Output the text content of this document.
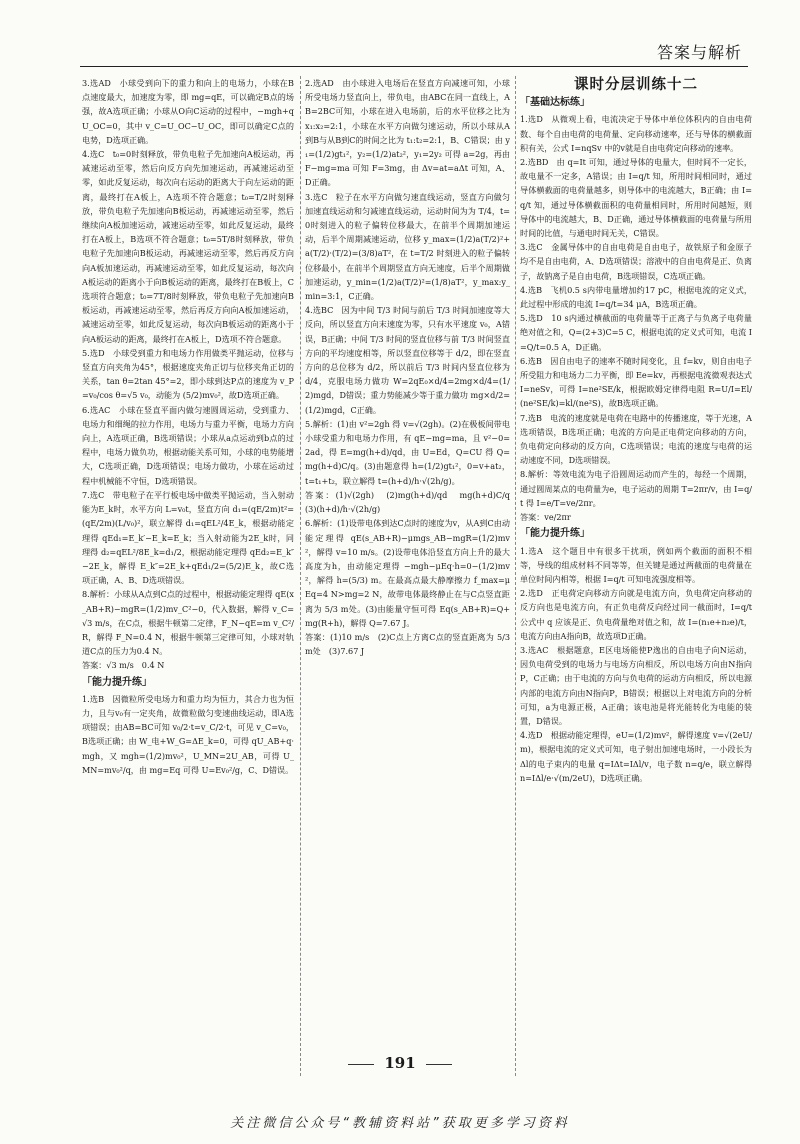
答案与解析
3.选AD　小球受到向下的重力和向上的电场力，小球在B点速度最大，加速度为零，即 mg=qE，可以确定B点的场强，故A选项正确；小球从O向C运动的过程中，−mgh+qU_OC=0，其中 v_C=U_OC−U_OC，即可以确定C点的电势，D选项正确。
4.选C　t₀=0时刻释放，带负电粒子先加速向A板运动，再减速运动至零，然后向反方向先加速运动，再减速运动至零，如此反复运动，每次向右运动的距离大于向左运动的距离，最终打在A板上，A选项不符合题意；t₀=T/2时刻释放，带负电粒子先加速向B板运动，再减速运动至零，然后继续向A板加速运动，减速运动至零，如此反复运动，最终打在A板上，B选项不符合题意；t₀=5T/8时刻释放，带负电粒子先加速向B板运动，再减速运动至零，然后再反方向向A板加速运动，再减速运动至零，如此反复运动，每次向A板运动的距离小于向B板运动的距离，最终打在B板上，C选项符合题意；t₀=7T/8时刻释放，带负电粒子先加速向B板运动，再减速运动至零，然后再反方向向A板加速运动，减速运动至零，如此反复运动，每次向B板运动的距离小于向A板运动的距离，最终打在A板上，D选项不符合题意。
5.选D　小球受到重力和电场力作用做类平抛运动，位移与竖直方向夹角为45°，根据速度夹角正切与位移夹角正切的关系，tan θ=2tan 45°=2，即小球到达P点的速度为 v_P=v₀/cos θ=√5 v₀，动能为 (5/2)mv₀²，故D选项正确。
6.选AC　小球在竖直平面内做匀速圆周运动，受到重力、电场力和细绳的拉力作用，电场力与重力平衡，电场力方向向上，A选项正确，B选项错误；小球从a点运动到b点的过程中，电场力做负功，根据动能关系可知，小球的电势能增大，C选项正确，D选项错误；电场力做功，小球在运动过程中机械能不守恒，D选项错误。
7.选C　带电粒子在平行板电场中做类平抛运动，当入射动能为E_k时，水平方向 L=v₀t，竖直方向 d₁=(qE/2m)t²=(qE/2m)(L/v₀)²，联立解得 d₁=qEL²/4E_k，根据动能定理得 qEd₁=E_k′−E_k=E_k；当入射动能为2E_k时，同理得 d₂=qEL²/8E_k=d₁/2，根据动能定理得 qEd₂=E_k″−2E_k，解得 E_k″=2E_k+qEd₁/2=(5/2)E_k，故C选项正确，A、B、D选项错误。
8.解析：小球从A点到C点的过程中，根据动能定理得 qE(x_AB+R)−mgR=(1/2)mv_C²−0，代入数据，解得 v_C=√3 m/s，在C点，根据牛顿第二定律，F_N−qE=m v_C²/R，解得 F_N=0.4 N，根据牛顿第三定律可知，小球对轨道C点的压力为0.4 N。
答案：√3 m/s　0.4 N
「能力提升练」
1.选B　因微粒所受电场力和重力均为恒力，其合力也为恒力，且与v₀有一定夹角，故微粒做匀变速曲线运动，即A选项错误；由AB=BC可知 v₀/2·t=v_C/2·t，可见 v_C=v₀，B选项正确；由 W_电+W_G=ΔE_k=0，可得 qU_AB+q·mgh，又 mgh=(1/2)mv₀²，U_MN=2U_AB，可得 U_MN=mv₀²/q，由 mg=Eq 可得 U=Ev₀²/g，C、D错误。
2.选AD　由小球进入电场后在竖直方向减速可知，小球所受电场力竖直向上，带负电，由ABC在同一直线上，AB=2BC可知，小球在进入电场前，后的水平位移之比为 x₁:x₂=2:1，小球在水平方向做匀速运动，所以小球从A到B与从B到C的时间之比为 t₁:t₂=2:1，B、C错误；由 y₁=(1/2)gt₁²，y₂=(1/2)at₂²，y₁=2y₂ 可得 a=2g，再由 F−mg=ma 可知 F=3mg，由 Δv=at=aΔt 可知，A、D正确。
3.选C　粒子在水平方向做匀速直线运动，竖直方向做匀加速直线运动和匀减速直线运动，运动时间为为 T/4，t=0时刻进入的粒子偏转位移最大，在前半个周期加速运动，后半个周期减速运动，位移 y_max=(1/2)a(T/2)²+a(T/2)·(T/2)=(3/8)aT²，在 t=T/2 时刻进入的粒子偏转位移最小，在前半个周期竖直方向无速度，后半个周期做加速运动，y_min=(1/2)a(T/2)²=(1/8)aT²，y_max:y_min=3:1，C正确。
4.选BC　因为中间 T/3 时间与前后 T/3 时间加速度等大反向，所以竖直方向末速度为零，只有水平速度 v₀，A错误，B正确；中间 T/3 时间的竖直位移与前 T/3 时间竖直方向的平均速度相等，所以竖直位移等于 d/2，即在竖直方向的总位移为 d/2，所以前后 T/3 时间内竖直位移为 d/4，克服电场力做功 W=2qE₀×d/4=2mg×d/4=(1/2)mgd，D错误；重力势能减少等于重力做功 mg×d/2=(1/2)mgd，C正确。
5.解析：(1)由 v²=2gh 得 v=√(2gh)。(2)在极板间带电小球受重力和电场力作用，有 qE−mg=ma，且 v²−0=2ad，得 E=mg(h+d)/qd，由 U=Ed，Q=CU 得 Q=mg(h+d)C/q。(3)由题意得 h=(1/2)gt₁²，0=v+at₂，t=t₁+t₂，联立解得 t=(h+d)/h·√(2h/g)。
答案：(1)√(2gh)　(2)mg(h+d)/qd　mg(h+d)C/q　(3)(h+d)/h·√(2h/g)
6.解析：(1)设带电体到达C点时的速度为v，从A到C由动能定理得 qE(s_AB+R)−μmgs_AB−mgR=(1/2)mv²，解得 v=10 m/s。(2)设带电体沿竖直方向上升的最大高度为h，由动能定理得 −mgh−μEq·h=0−(1/2)mv²，解得 h=(5/3) m。在最高点最大静摩擦力 f_max=μEq=4 N>mg=2 N，故带电体最终静止在与C点竖直距离为 5/3 m处。(3)由能量守恒可得 Eq(s_AB+R)=Q+mg(R+h)，解得 Q=7.67 J。
答案：(1)10 m/s　(2)C点上方离C点的竖直距离为 5/3 m处　(3)7.67 J
课时分层训练十二
「基础达标练」
1.选D　从微观上看，电流决定于导体中单位体积内的自由电荷数、每个自由电荷的电荷量、定向移动速率，还与导体的横截面积有关，公式 I=nqSv 中的v就是自由电荷定向移动的速率。
2.选BD　由 q=It 可知，通过导体的电量大，但时间不一定长，故电量不一定多，A错误；由 I=q/t 知，所用时间相同时，通过导体横截面的电荷量越多，则导体中的电流越大，B正确；由 I=q/t 知，通过导体横截面积的电荷量相同时，所用时间越短，则导体中的电流越大，B、D正确，通过导体横截面的电荷量与所用时间的比值，与通电时间无关，C错误。
3.选C　金属导体中的自由电荷是自由电子，故铁原子和金原子均不是自由电荷，A、D选项错误；溶液中的自由电荷是正、负离子，故钠离子是自由电荷，B选项错误，C选项正确。
4.选B　飞机0.5 s内带电量增加约17 pC，根据电流的定义式，此过程中形成的电流 I=q/t=34 μA，B选项正确。
5.选D　10 s内通过横截面的电荷量等于正离子与负离子电荷量绝对值之和，Q=(2+3)C=5 C，根据电流的定义式可知，电流 I=Q/t=0.5 A，D正确。
6.选B　因自由电子的速率不随时间变化，且 f=kv，则自由电子所受阻力和电场力二力平衡，即 Ee=kv，再根据电流微观表达式 I=neSv，可得 I=ne²SE/k，根据欧姆定律得电阻 R=U/I=El/(ne²SE/k)=kl/(ne²S)，故B选项正确。
7.选B　电流的速度就是电荷在电路中的传播速度，等于光速，A选项错误，B选项正确；电流的方向是正电荷定向移动的方向，负电荷定向移动的反方向，C选项错误；电流的速度与电荷的运动速度不同，D选项错误。
8.解析：等效电流为电子沿圆周运动而产生的，每经一个周期，通过圆周某点的电荷量为e，电子运动的周期 T=2πr/v，由 I=q/t 得 I=e/T=ve/2πr。
答案：ve/2πr
「能力提升练」
1.选A　这个题目中有很多干扰项，例如两个截面的面积不相等，导线的组成材料不同等等，但关键是通过两截面的电荷量在单位时间内相等，根据 I=q/t 可知电流强度相等。
2.选D　正电荷定向移动方向就是电流方向，负电荷定向移动的反方向也是电流方向，有正负电荷反向经过同一截面时，I=q/t 公式中 q 应该是正、负电荷量绝对值之和，故 I=(n₁e+n₂e)/t，电流方向由A指向B，故选项D正确。
3.选AC　根据题意，E区电场能使P逸出的自由电子向N运动，因负电荷受到的电场力与电场方向相反，所以电场方向由N指向P，C正确；由于电流的方向与负电荷的运动方向相反，所以电源内部的电流方向由N指向P，B错误；根据以上对电流方向的分析可知，a为电源正极，A正确；该电池是将光能转化为电能的装置，D错误。
4.选D　根据动能定理得，eU=(1/2)mv²，解得速度 v=√(2eU/m)，根据电流的定义式可知，电子射出加速电场时，一小段长为Δl的电子束内的电量 q=IΔt=IΔl/v，电子数 n=q/e，联立解得 n=IΔl/e·√(m/2eU)，D选项正确。
191
关注微信公众号“教辅资料站”获取更多学习资料
